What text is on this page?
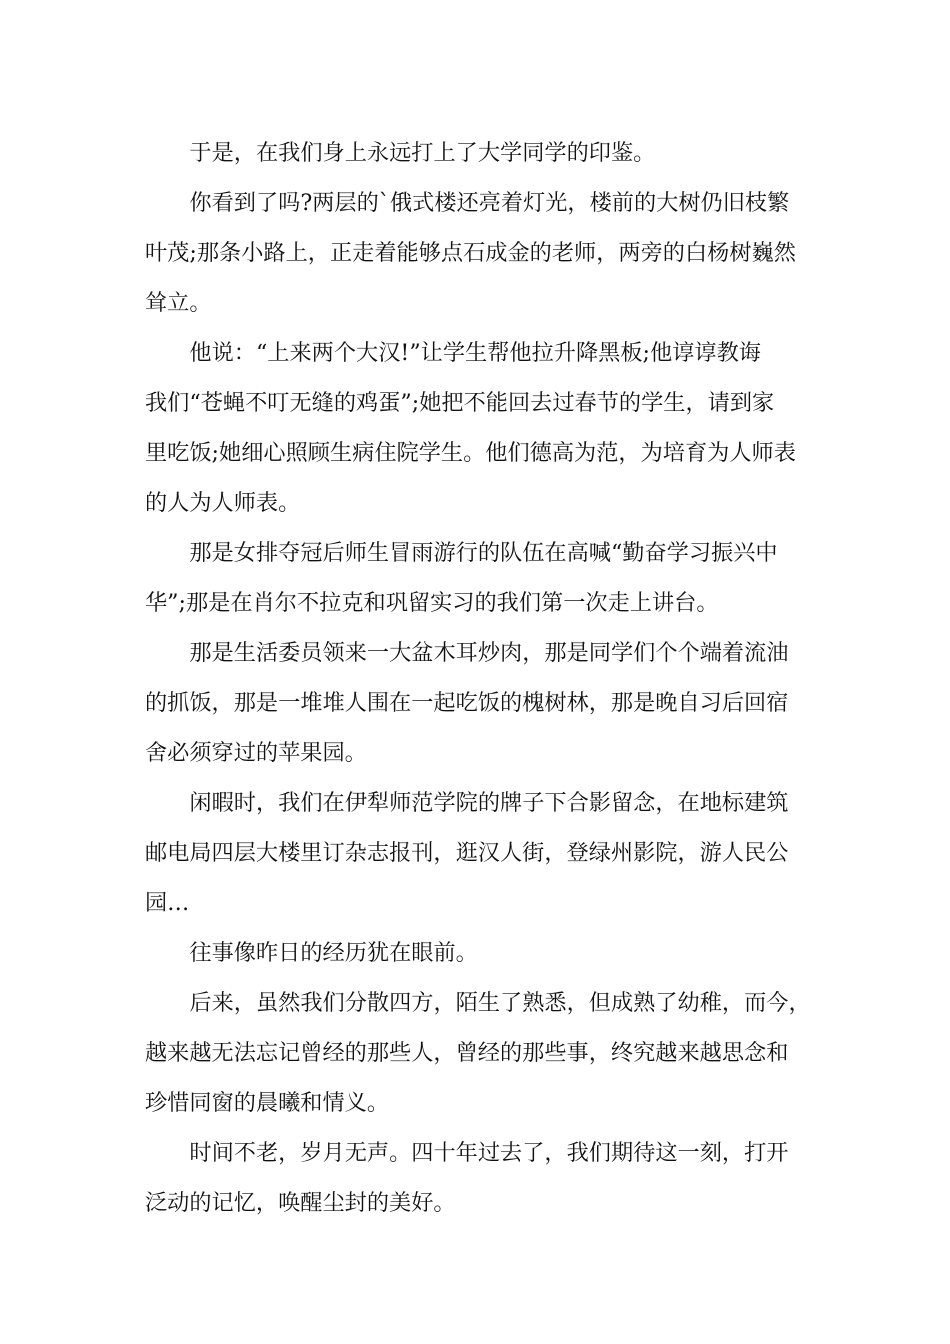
于是，在我们身上永远打上了大学同学的印鉴。

你看到了吗?两层的`俄式楼还亮着灯光，楼前的大树仍旧枝繁
叶茂;那条小路上，正走着能够点石成金的老师，两旁的白杨树巍然
耸立。

他说：“上来两个大汉!”让学生帮他拉升降黑板;他谆谆教诲
我们“苍蝇不叮无缝的鸡蛋”;她把不能回去过春节的学生，请到家
里吃饭;她细心照顾生病住院学生。他们德高为范，为培育为人师表
的人为人师表。

那是女排夺冠后师生冒雨游行的队伍在高喊“勤奋学习振兴中
华”;那是在肖尔不拉克和巩留实习的我们第一次走上讲台。

那是生活委员领来一大盆木耳炒肉，那是同学们个个端着流油
的抓饭，那是一堆堆人围在一起吃饭的槐树林，那是晚自习后回宿
舍必须穿过的苹果园。

闲暇时，我们在伊犁师范学院的牌子下合影留念，在地标建筑
邮电局四层大楼里订杂志报刊，逛汉人街，登绿州影院，游人民公
园…

往事像昨日的经历犹在眼前。

后来，虽然我们分散四方，陌生了熟悉，但成熟了幼稚，而今，
越来越无法忘记曾经的那些人，曾经的那些事，终究越来越思念和
珍惜同窗的晨曦和情义。

时间不老，岁月无声。四十年过去了，我们期待这一刻，打开
泛动的记忆，唤醒尘封的美好。
